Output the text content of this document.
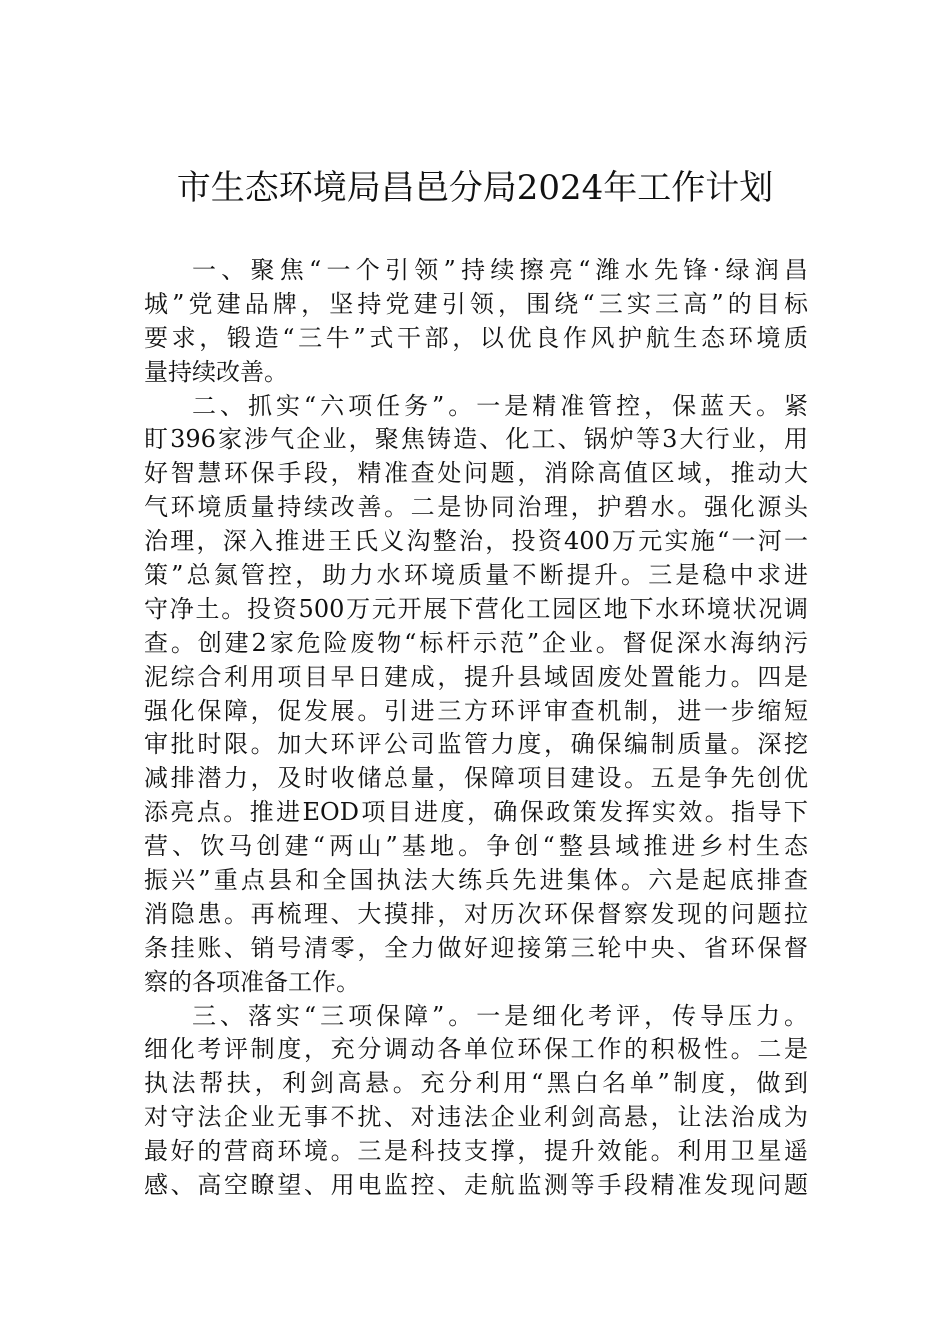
市生态环境局昌邑分局2024年工作计划
一、聚焦“一个引领”持续擦亮“潍水先锋·绿润昌
城”党建品牌，坚持党建引领，围绕“三实三高”的目标
要求，锻造“三牛”式干部，以优良作风护航生态环境质
量持续改善。
二、抓实“六项任务”。一是精准管控，保蓝天。紧
盯396家涉气企业，聚焦铸造、化工、锅炉等3大行业，用
好智慧环保手段，精准查处问题，消除高值区域，推动大
气环境质量持续改善。二是协同治理，护碧水。强化源头
治理，深入推进王氏义沟整治，投资400万元实施“一河一
策”总氮管控，助力水环境质量不断提升。三是稳中求进
守净土。投资500万元开展下营化工园区地下水环境状况调
查。创建2家危险废物“标杆示范”企业。督促深水海纳污
泥综合利用项目早日建成，提升县域固废处置能力。四是
强化保障，促发展。引进三方环评审查机制，进一步缩短
审批时限。加大环评公司监管力度，确保编制质量。深挖
减排潜力，及时收储总量，保障项目建设。五是争先创优
添亮点。推进EOD项目进度，确保政策发挥实效。指导下
营、饮马创建“两山”基地。争创“整县域推进乡村生态
振兴”重点县和全国执法大练兵先进集体。六是起底排查
消隐患。再梳理、大摸排，对历次环保督察发现的问题拉
条挂账、销号清零，全力做好迎接第三轮中央、省环保督
察的各项准备工作。
三、落实“三项保障”。一是细化考评，传导压力。
细化考评制度，充分调动各单位环保工作的积极性。二是
执法帮扶，利剑高悬。充分利用“黑白名单”制度，做到
对守法企业无事不扰、对违法企业利剑高悬，让法治成为
最好的营商环境。三是科技支撑，提升效能。利用卫星遥
感、高空瞭望、用电监控、走航监测等手段精准发现问题
